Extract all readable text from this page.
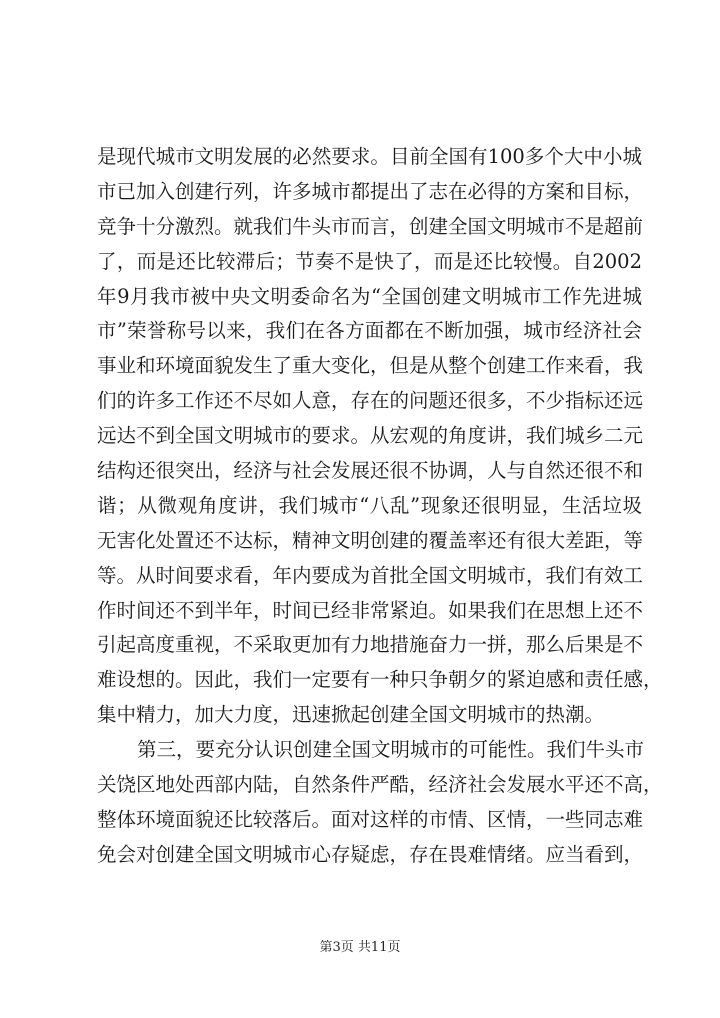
是现代城市文明发展的必然要求。目前全国有100多个大中小城
市已加入创建行列，许多城市都提出了志在必得的方案和目标，
竞争十分激烈。就我们牛头市而言，创建全国文明城市不是超前
了，而是还比较滞后；节奏不是快了，而是还比较慢。自2002
年9月我市被中央文明委命名为“全国创建文明城市工作先进城
市”荣誉称号以来，我们在各方面都在不断加强，城市经济社会
事业和环境面貌发生了重大变化，但是从整个创建工作来看，我
们的许多工作还不尽如人意，存在的问题还很多，不少指标还远
远达不到全国文明城市的要求。从宏观的角度讲，我们城乡二元
结构还很突出，经济与社会发展还很不协调，人与自然还很不和
谐；从微观角度讲，我们城市“八乱”现象还很明显，生活垃圾
无害化处置还不达标，精神文明创建的覆盖率还有很大差距，等
等。从时间要求看，年内要成为首批全国文明城市，我们有效工
作时间还不到半年，时间已经非常紧迫。如果我们在思想上还不
引起高度重视，不采取更加有力地措施奋力一拼，那么后果是不
难设想的。因此，我们一定要有一种只争朝夕的紧迫感和责任感，
集中精力，加大力度，迅速掀起创建全国文明城市的热潮。
第三，要充分认识创建全国文明城市的可能性。我们牛头市
关饶区地处西部内陆，自然条件严酷，经济社会发展水平还不高，
整体环境面貌还比较落后。面对这样的市情、区情，一些同志难
免会对创建全国文明城市心存疑虑，存在畏难情绪。应当看到，
第3页 共11页
